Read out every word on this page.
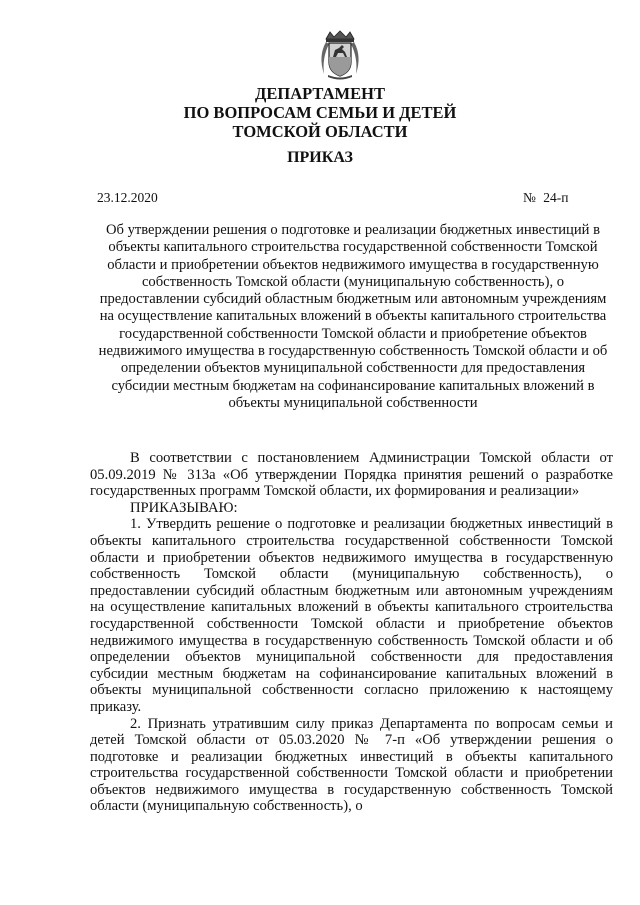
ДЕПАРТАМЕНТ
ПО ВОПРОСАМ СЕМЬИ И ДЕТЕЙ
ТОМСКОЙ ОБЛАСТИ
ПРИКАЗ
23.12.2020	№ 24-п
Об утверждении решения о подготовке и реализации бюджетных инвестиций в объекты капитального строительства государственной собственности Томской области и приобретении объектов недвижимого имущества в государственную собственность Томской области (муниципальную собственность), о предоставлении субсидий областным бюджетным или автономным учреждениям на осуществление капитальных вложений в объекты капитального строительства государственной собственности Томской области и приобретение объектов недвижимого имущества в государственную собственность Томской области и об определении объектов муниципальной собственности для предоставления субсидии местным бюджетам на софинансирование капитальных вложений в объекты муниципальной собственности

В соответствии с постановлением Администрации Томской области от 05.09.2019 № 313а «Об утверждении Порядка принятия решений о разработке государственных программ Томской области, их формирования и реализации»

ПРИКАЗЫВАЮ:

1. Утвердить решение о подготовке и реализации бюджетных инвестиций в объекты капитального строительства государственной собственности Томской области и приобретении объектов недвижимого имущества в государственную собственность Томской области (муниципальную собственность), о предоставлении субсидий областным бюджетным или автономным учреждениям на осуществление капитальных вложений в объекты капитального строительства государственной собственности Томской области и приобретение объектов недвижимого имущества в государственную собственность Томской области и об определении объектов муниципальной собственности для предоставления субсидии местным бюджетам на софинансирование капитальных вложений в объекты муниципальной собственности согласно приложению к настоящему приказу.

2. Признать утратившим силу приказ Департамента по вопросам семьи и детей Томской области от 05.03.2020 № 7-п «Об утверждении решения о подготовке и реализации бюджетных инвестиций в объекты капитального строительства государственной собственности Томской области и приобретении объектов недвижимого имущества в государственную собственность Томской области (муниципальную собственность), о
